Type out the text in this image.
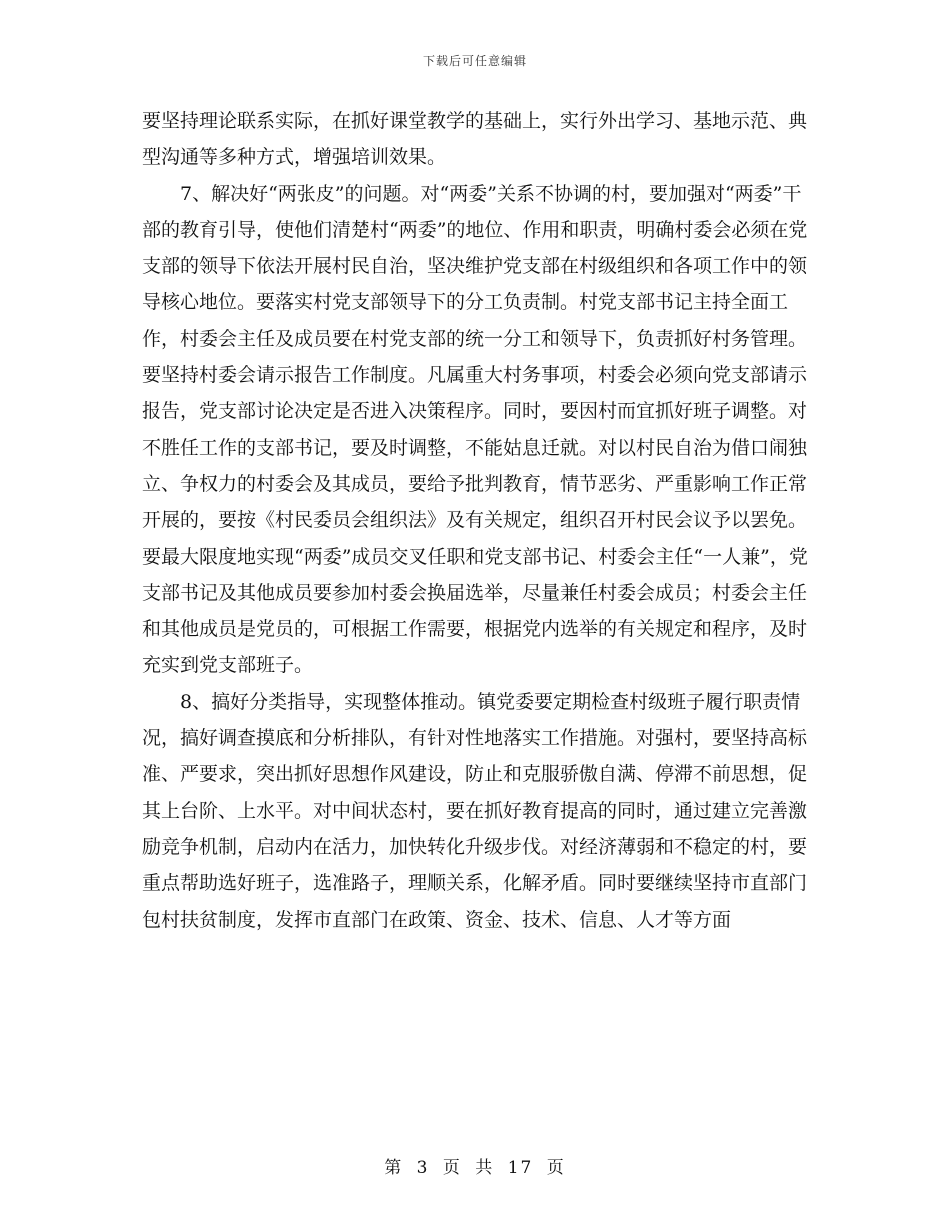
下载后可任意编辑

要坚持理论联系实际，在抓好课堂教学的基础上，实行外出学习、基地示范、典型沟通等多种方式，增强培训效果。

7、解决好“两张皮”的问题。对“两委”关系不协调的村，要加强对“两委”干部的教育引导，使他们清楚村“两委”的地位、作用和职责，明确村委会必须在党支部的领导下依法开展村民自治，坚决维护党支部在村级组织和各项工作中的领导核心地位。要落实村党支部领导下的分工负责制。村党支部书记主持全面工作，村委会主任及成员要在村党支部的统一分工和领导下，负责抓好村务管理。要坚持村委会请示报告工作制度。凡属重大村务事项，村委会必须向党支部请示报告，党支部讨论决定是否进入决策程序。同时，要因村而宜抓好班子调整。对不胜任工作的支部书记，要及时调整，不能姑息迁就。对以村民自治为借口闹独立、争权力的村委会及其成员，要给予批判教育，情节恶劣、严重影响工作正常开展的，要按《村民委员会组织法》及有关规定，组织召开村民会议予以罢免。要最大限度地实现“两委”成员交叉任职和党支部书记、村委会主任“一人兼”，党支部书记及其他成员要参加村委会换届选举，尽量兼任村委会成员；村委会主任和其他成员是党员的，可根据工作需要，根据党内选举的有关规定和程序，及时充实到党支部班子。

8、搞好分类指导，实现整体推动。镇党委要定期检查村级班子履行职责情况，搞好调查摸底和分析排队，有针对性地落实工作措施。对强村，要坚持高标准、严要求，突出抓好思想作风建设，防止和克服骄傲自满、停滞不前思想，促其上台阶、上水平。对中间状态村，要在抓好教育提高的同时，通过建立完善激励竞争机制，启动内在活力，加快转化升级步伐。对经济薄弱和不稳定的村，要重点帮助选好班子，选准路子，理顺关系，化解矛盾。同时要继续坚持市直部门包村扶贫制度，发挥市直部门在政策、资金、技术、信息、人才等方面

第 3 页 共 17 页
